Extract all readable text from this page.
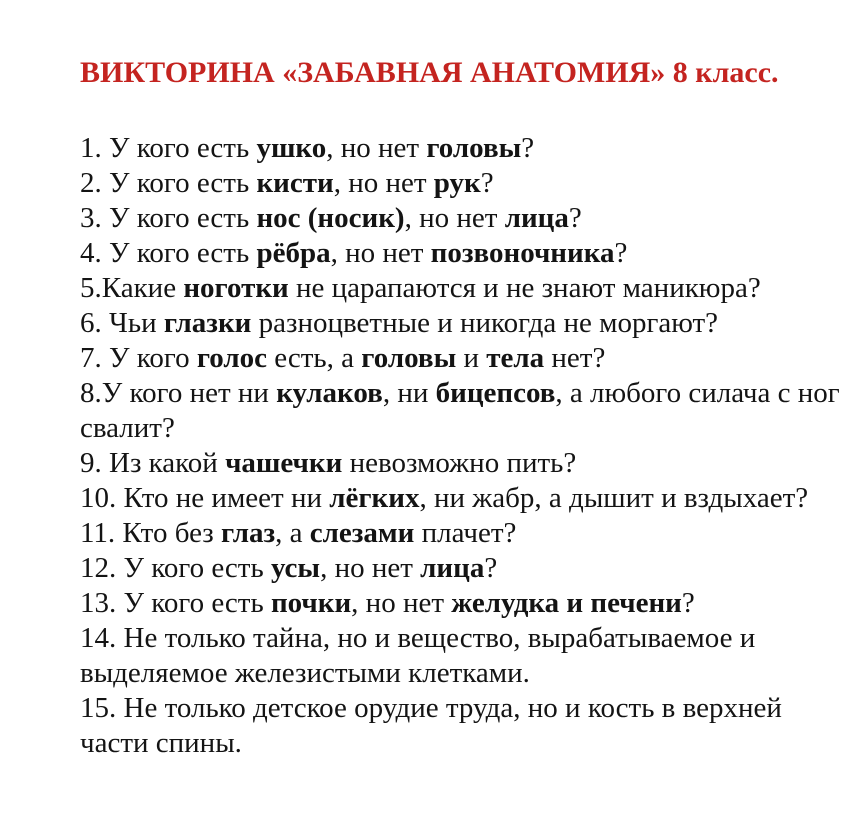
ВИКТОРИНА «ЗАБАВНАЯ АНАТОМИЯ» 8 класс.

1. У кого есть ушко, но нет головы?

2. У кого есть кисти, но нет рук?

3. У кого есть нос (носик), но нет лица?

4. У кого есть рёбра, но нет позвоночника?

5.Какие ноготки не царапаются и не знают маникюра?

6. Чьи глазки разноцветные и никогда не моргают?

7. У кого голос есть, а головы и тела нет?

8.У кого нет ни кулаков, ни бицепсов, а любого силача с ног свалит?

9. Из какой чашечки невозможно пить?

10. Кто не имеет ни лёгких, ни жабр, а дышит и вздыхает?

11. Кто без глаз, а слезами плачет?

12. У кого есть усы, но нет лица?

13. У кого есть почки, но нет желудка и печени?

14. Не только тайна, но и вещество, вырабатываемое и выделяемое железистыми клетками.

15. Не только детское орудие труда, но и кость в верхней части спины.
